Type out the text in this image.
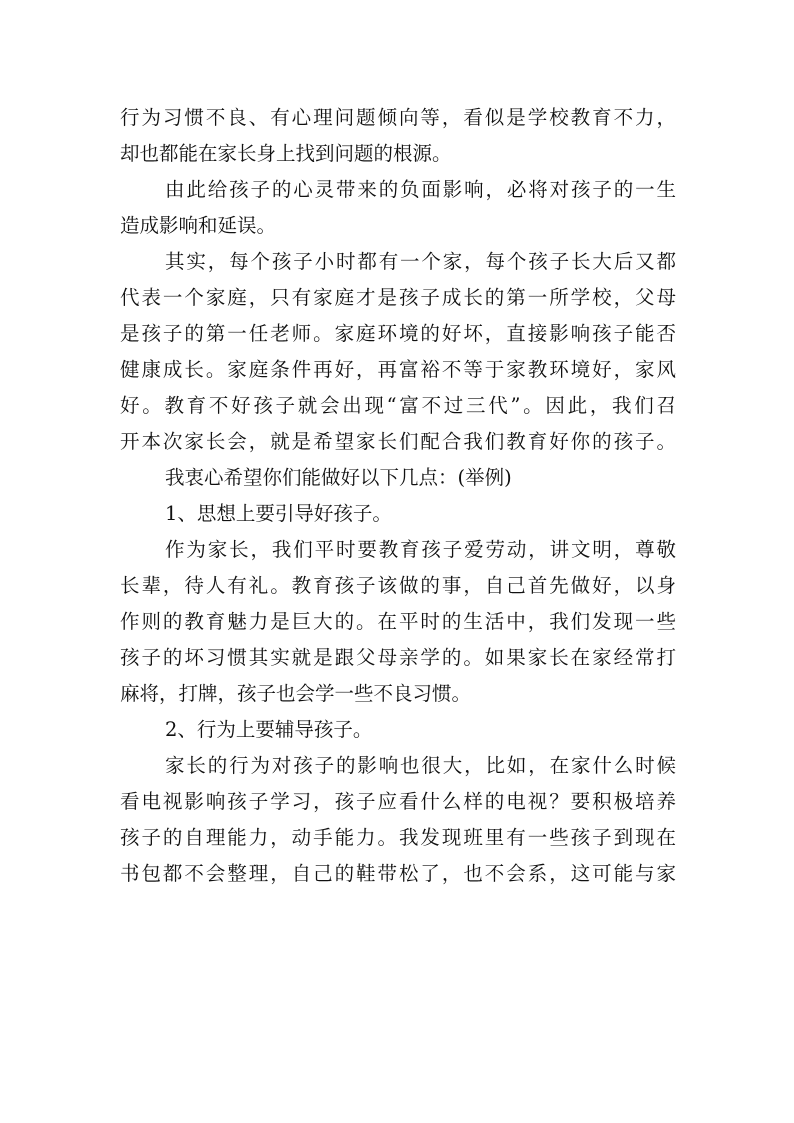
行为习惯不良、有心理问题倾向等，看似是学校教育不力，
却也都能在家长身上找到问题的根源。
由此给孩子的心灵带来的负面影响，必将对孩子的一生
造成影响和延误。
其实，每个孩子小时都有一个家，每个孩子长大后又都
代表一个家庭，只有家庭才是孩子成长的第一所学校，父母
是孩子的第一任老师。家庭环境的好坏，直接影响孩子能否
健康成长。家庭条件再好，再富裕不等于家教环境好，家风
好。教育不好孩子就会出现“富不过三代”。因此，我们召
开本次家长会，就是希望家长们配合我们教育好你的孩子。
我衷心希望你们能做好以下几点：(举例)
1、思想上要引导好孩子。
作为家长，我们平时要教育孩子爱劳动，讲文明，尊敬
长辈，待人有礼。教育孩子该做的事，自己首先做好，以身
作则的教育魅力是巨大的。在平时的生活中，我们发现一些
孩子的坏习惯其实就是跟父母亲学的。如果家长在家经常打
麻将，打牌，孩子也会学一些不良习惯。
2、行为上要辅导孩子。
家长的行为对孩子的影响也很大，比如，在家什么时候
看电视影响孩子学习，孩子应看什么样的电视？要积极培养
孩子的自理能力，动手能力。我发现班里有一些孩子到现在
书包都不会整理，自己的鞋带松了，也不会系，这可能与家
